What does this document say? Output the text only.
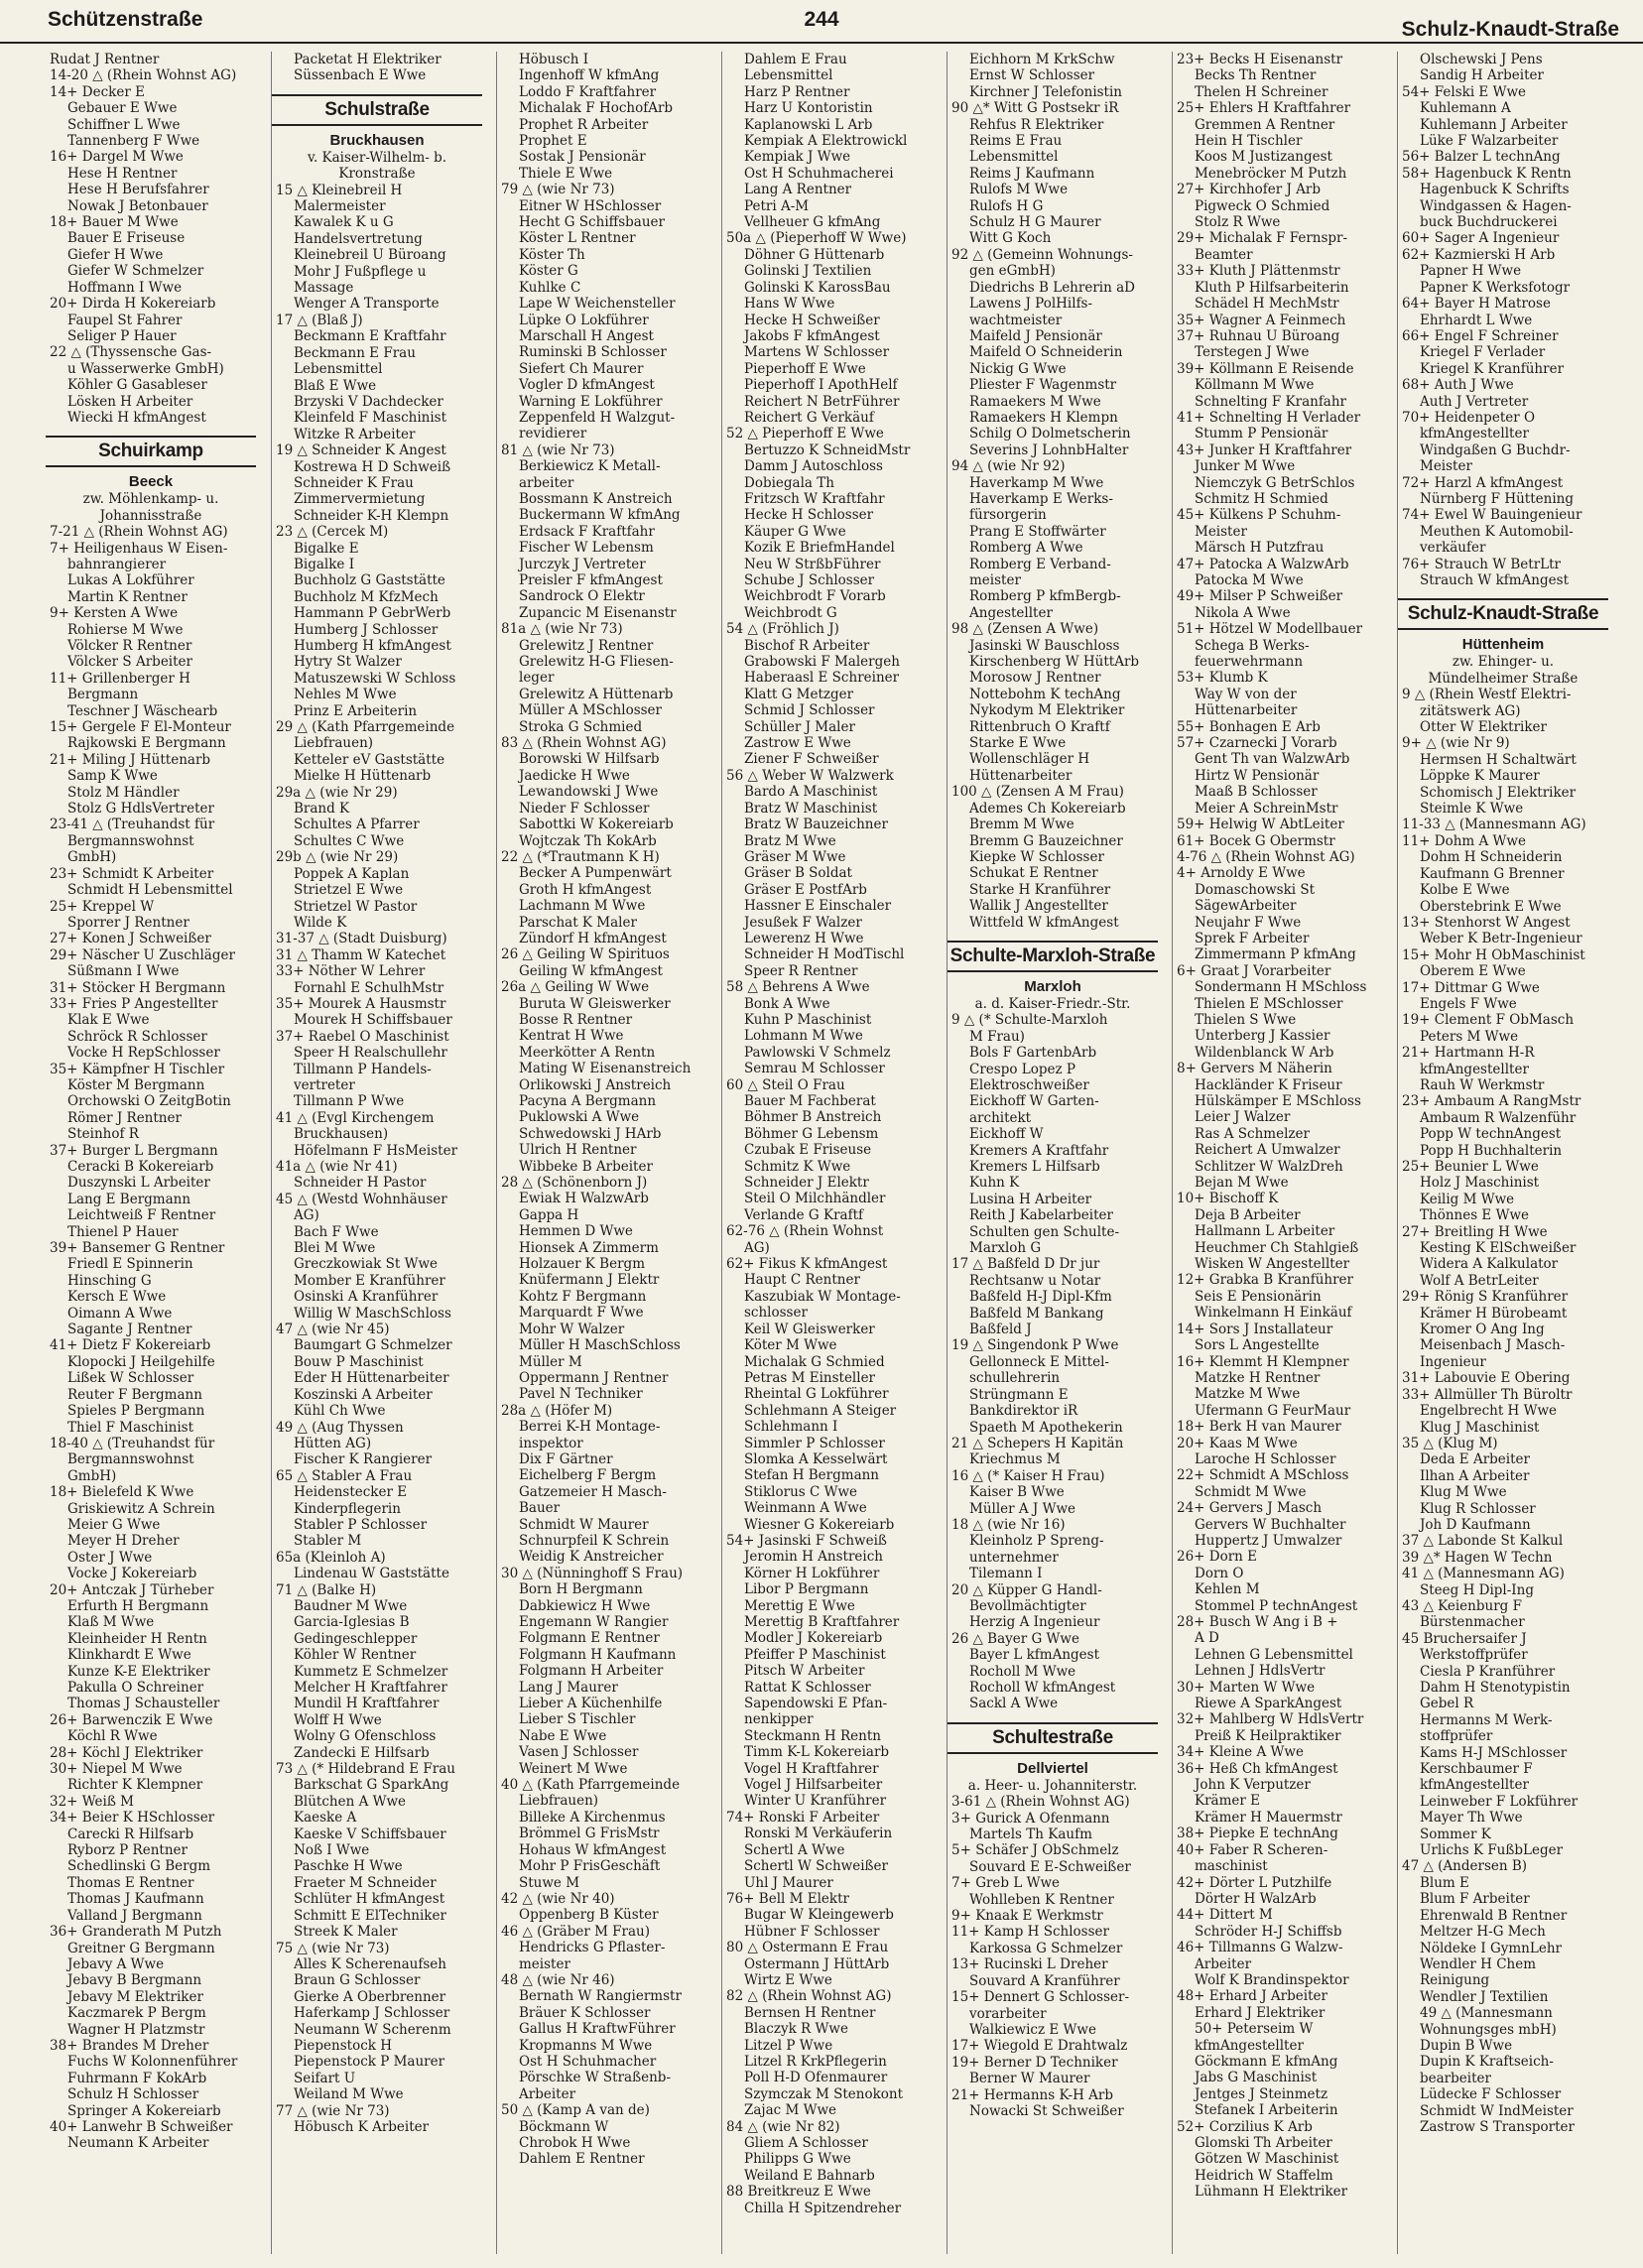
Schützenstraße	244	Schulz-Knaudt-Straße
Rudat J Rentner
14-20 △ (Rhein Wohnst AG)
14+ Decker E
Gebauer E Wwe
Schiffner L Wwe
Tannenberg F Wwe
16+ Dargel M Wwe
Hese H Rentner
Hese H Berufsfahrer
Nowak J Betonbauer
18+ Bauer M Wwe
Bauer E Friseuse
Giefer H Wwe
Giefer W Schmelzer
Hoffmann I Wwe
20+ Dirda H Kokereiarb
Faupel St Fahrer
Seliger P Hauer
22 △ (Thyssensche Gas-
u Wasserwerke GmbH)
Köhler G Gasableser
Lösken H Arbeiter
Wiecki H kfmAngest
Schuirkamp
Beeck
zw. Möhlenkamp- u.
Johannisstraße
7-21 △ (Rhein Wohnst AG)
7+ Heiligenhaus W Eisen-
bahnrangierer
Lukas A Lokführer
Martin K Rentner
9+ Kersten A Wwe
Rohierse M Wwe
Völcker R Rentner
Völcker S Arbeiter
11+ Grillenberger H
Bergmann
Teschner J Wäschearb
15+ Gergele F El-Monteur
Rajkowski E Bergmann
21+ Miling J Hüttenarb
Samp K Wwe
Stolz M Händler
Stolz G HdlsVertreter
23-41 △ (Treuhandst für
Bergmannswohnst
GmbH)
23+ Schmidt K Arbeiter
Schmidt H Lebensmittel
25+ Kreppel W
Sporrer J Rentner
27+ Konen J Schweißer
29+ Näscher U Zuschläger
Süßmann I Wwe
31+ Stöcker H Bergmann
33+ Fries P Angestellter
Klak E Wwe
Schröck R Schlosser
Vocke H RepSchlosser
35+ Kämpfner H Tischler
Köster M Bergmann
Orchowski O ZeitgBotin
Römer J Rentner
Steinhof R
37+ Burger L Bergmann
Ceracki B Kokereiarb
Duszynski L Arbeiter
Lang E Bergmann
Leichtweiß F Rentner
Thienel P Hauer
39+ Bansemer G Rentner
Friedl E Spinnerin
Hinsching G
Kersch E Wwe
Oimann A Wwe
Sagante J Rentner
41+ Dietz F Kokereiarb
Klopocki J Heilgehilfe
Lißek W Schlosser
Reuter F Bergmann
Spieles P Bergmann
Thiel F Maschinist
18-40 △ (Treuhandst für
Bergmannswohnst
GmbH)
18+ Bielefeld K Wwe
Griskiewitz A Schrein
Meier G Wwe
Meyer H Dreher
Oster J Wwe
Vocke J Kokereiarb
20+ Antczak J Türheber
Erfurth H Bergmann
Klaß M Wwe
Kleinheider H Rentn
Klinkhardt E Wwe
Kunze K-E Elektriker
Pakulla O Schreiner
Thomas J Schausteller
26+ Barwenczik E Wwe
Köchl R Wwe
28+ Köchl J Elektriker
30+ Niepel M Wwe
Richter K Klempner
32+ Weiß M
34+ Beier K HSchlosser
Carecki R Hilfsarb
Ryborz P Rentner
Schedlinski G Bergm
Thomas E Rentner
Thomas J Kaufmann
Valland J Bergmann
36+ Granderath M Putzh
Greitner G Bergmann
Jebavy A Wwe
Jebavy B Bergmann
Jebavy M Elektriker
Kaczmarek P Bergm
Wagner H Platzmstr
38+ Brandes M Dreher
Fuchs W Kolonnenführer
Fuhrmann F KokArb
Schulz H Schlosser
Springer A Kokereiarb
40+ Lanwehr B Schweißer
Neumann K Arbeiter
Packetat H Elektriker
Süssenbach E Wwe
Schulstraße
Bruckhausen
v. Kaiser-Wilhelm- b.
Kronstraße
15 △ Kleinebreil H
Malermeister
Kawalek K u G
Handelsvertretung
Kleinebreil U Büroang
Mohr J Fußpflege u
Massage
Wenger A Transporte
17 △ (Blaß J)
Beckmann E Kraftfahr
Beckmann E Frau
Lebensmittel
Blaß E Wwe
Brzyski V Dachdecker
Kleinfeld F Maschinist
Witzke R Arbeiter
19 △ Schneider K Angest
Kostrewa H D Schweiß
Schneider K Frau
Zimmervermietung
Schneider K-H Klempn
23 △ (Cercek M)
Bigalke E
Bigalke I
Buchholz G Gaststätte
Buchholz M KfzMech
Hammann P GebrWerb
Humberg J Schlosser
Humberg H kfmAngest
Hytry St Walzer
Matuszewski W Schloss
Nehles M Wwe
Prinz E Arbeiterin
29 △ (Kath Pfarrgemeinde
Liebfrauen)
Ketteler eV Gaststätte
Mielke H Hüttenarb
29a △ (wie Nr 29)
Brand K
Schultes A Pfarrer
Schultes C Wwe
29b △ (wie Nr 29)
Poppek A Kaplan
Strietzel E Wwe
Strietzel W Pastor
Wilde K
31-37 △ (Stadt Duisburg)
31 △ Thamm W Katechet
33+ Nöther W Lehrer
Fornahl E SchulhMstr
35+ Mourek A Hausmstr
Mourek H Schiffsbauer
37+ Raebel O Maschinist
Speer H Realschullehr
Tillmann P Handels-
vertreter
Tillmann P Wwe
41 △ (Evgl Kirchengem
Bruckhausen)
Höfelmann F HsMeister
41a △ (wie Nr 41)
Schneider H Pastor
45 △ (Westd Wohnhäuser
AG)
Bach F Wwe
Blei M Wwe
Greczkowiak St Wwe
Momber E Kranführer
Osinski A Kranführer
Willig W MaschSchloss
47 △ (wie Nr 45)
Baumgart G Schmelzer
Bouw P Maschinist
Eder H Hüttenarbeiter
Koszinski A Arbeiter
Kühl Ch Wwe
49 △ (Aug Thyssen
Hütten AG)
Fischer K Rangierer
65 △ Stabler A Frau
Heidenstecker E
Kinderpflegerin
Stabler P Schlosser
Stabler M
65a (Kleinloh A)
Lindenau W Gaststätte
71 △ (Balke H)
Baudner M Wwe
Garcia-Iglesias B
Gedingeschlepper
Köhler W Rentner
Kummetz E Schmelzer
Melcher H Kraftfahrer
Mundil H Kraftfahrer
Wolff H Wwe
Wolny G Ofenschloss
Zandecki E Hilfsarb
73 △ (* Hildebrand E Frau
Barkschat G SparkAng
Blütchen A Wwe
Kaeske A
Kaeske V Schiffsbauer
Noß I Wwe
Paschke H Wwe
Fraeter M Schneider
Schlüter H kfmAngest
Schmitt E ElTechniker
Streek K Maler
75 △ (wie Nr 73)
Alles K Scherenaufseh
Braun G Schlosser
Gierke A Oberbrenner
Haferkamp J Schlosser
Neumann W Scherenm
Piepenstock H
Piepenstock P Maurer
Seifart U
Weiland M Wwe
77 △ (wie Nr 73)
Höbusch K Arbeiter
Höbusch I
Ingenhoff W kfmAng
Loddo F Kraftfahrer
Michalak F HochofArb
Prophet R Arbeiter
Prophet E
Sostak J Pensionär
Thiele E Wwe
79 △ (wie Nr 73)
Eitner W HSchlosser
Hecht G Schiffsbauer
Köster L Rentner
Köster Th
Köster G
Kuhlke C
Lape W Weichensteller
Lüpke O Lokführer
Marschall H Angest
Ruminski B Schlosser
Siefert Ch Maurer
Vogler D kfmAngest
Warning E Lokführer
Zeppenfeld H Walzgut-
revidierer
81 △ (wie Nr 73)
Berkiewicz K Metall-
arbeiter
Bossmann K Anstreich
Buckermann W kfmAng
Erdsack F Kraftfahr
Fischer W Lebensm
Jurczyk J Vertreter
Preisler F kfmAngest
Sandrock O Elektr
Zupancic M Eisenanstr
81a △ (wie Nr 73)
Grelewitz J Rentner
Grelewitz H-G Fliesen-
leger
Grelewitz A Hüttenarb
Müller A MSchlosser
Stroka G Schmied
83 △ (Rhein Wohnst AG)
Borowski W Hilfsarb
Jaedicke H Wwe
Lewandowski J Wwe
Nieder F Schlosser
Sabottki W Kokereiarb
Wojtczak Th KokArb
22 △ (*Trautmann K H)
Becker A Pumpenwärt
Groth H kfmAngest
Lachmann M Wwe
Parschat K Maler
Zündorf H kfmAngest
26 △ Geiling W Spirituos
Geiling W kfmAngest
26a △ Geiling W Wwe
Buruta W Gleiswerker
Bosse R Rentner
Kentrat H Wwe
Meerkötter A Rentn
Mating W Eisenanstreich
Orlikowski J Anstreich
Pacyna A Bergmann
Puklowski A Wwe
Schwedowski J HArb
Ulrich H Rentner
Wibbeke B Arbeiter
28 △ (Schönenborn J)
Ewiak H WalzwArb
Gappa H
Hemmen D Wwe
Hionsek A Zimmerm
Holzauer K Bergm
Knüfermann J Elektr
Kohtz F Bergmann
Marquardt F Wwe
Mohr W Walzer
Müller H MaschSchloss
Müller M
Oppermann J Rentner
Pavel N Techniker
28a △ (Höfer M)
Berrei K-H Montage-
inspektor
Dix F Gärtner
Eichelberg F Bergm
Gatzemeier H Masch-
Bauer
Schmidt W Maurer
Schnurpfeil K Schrein
Weidig K Anstreicher
30 △ (Nünninghoff S Frau)
Born H Bergmann
Dabkiewicz H Wwe
Engemann W Rangier
Folgmann E Rentner
Folgmann H Kaufmann
Folgmann H Arbeiter
Lang J Maurer
Lieber A Küchenhilfe
Lieber S Tischler
Nabe E Wwe
Vasen J Schlosser
Weinert M Wwe
40 △ (Kath Pfarrgemeinde
Liebfrauen)
Billeke A Kirchenmus
Brömmel G FrisMstr
Hohaus W kfmAngest
Mohr P FrisGeschäft
Stuwe M
42 △ (wie Nr 40)
Oppenberg B Küster
46 △ (Gräber M Frau)
Hendricks G Pflaster-
meister
48 △ (wie Nr 46)
Bernath W Rangiermstr
Bräuer K Schlosser
Gallus H KraftwFührer
Kropmanns M Wwe
Ost H Schuhmacher
Pörschke W Straßenb-
Arbeiter
50 △ (Kamp A van de)
Böckmann W
Chrobok H Wwe
Dahlem E Rentner
Dahlem E Frau
Lebensmittel
Harz P Rentner
Harz U Kontoristin
Kaplanowski L Arb
Kempiak A Elektrowickl
Kempiak J Wwe
Ost H Schuhmacherei
Lang A Rentner
Petri A-M
Vellheuer G kfmAng
50a △ (Pieperhoff W Wwe)
Döhner G Hüttenarb
Golinski J Textilien
Golinski K KarossBau
Hans W Wwe
Hecke H Schweißer
Jakobs F kfmAngest
Martens W Schlosser
Pieperhoff E Wwe
Pieperhoff I ApothHelf
Reichert N BetrFührer
Reichert G Verkäuf
52 △ Pieperhoff E Wwe
Bertuzzo K SchneidMstr
Damm J Autoschloss
Dobiegala Th
Fritzsch W Kraftfahr
Hecke H Schlosser
Käuper G Wwe
Kozik E BriefmHandel
Neu W StrßbFührer
Schube J Schlosser
Weichbrodt F Vorarb
Weichbrodt G
54 △ (Fröhlich J)
Bischof R Arbeiter
Grabowski F Malergeh
Haberaasl E Schreiner
Klatt G Metzger
Schmid J Schlosser
Schüller J Maler
Zastrow E Wwe
Ziener F Schweißer
56 △ Weber W Walzwerk
Bardo A Maschinist
Bratz W Maschinist
Bratz W Bauzeichner
Bratz M Wwe
Gräser M Wwe
Gräser B Soldat
Gräser E PostfArb
Hassner E Einschaler
Jesußek F Walzer
Lewerenz H Wwe
Schneider H ModTischl
Speer R Rentner
58 △ Behrens A Wwe
Bonk A Wwe
Kuhn P Maschinist
Lohmann M Wwe
Pawlowski V Schmelz
Semrau M Schlosser
60 △ Steil O Frau
Bauer M Fachberat
Böhmer B Anstreich
Böhmer G Lebensm
Czubak E Friseuse
Schmitz K Wwe
Schneider J Elektr
Steil O Milchhändler
Verlande G Kraftf
62-76 △ (Rhein Wohnst
AG)
62+ Fikus K kfmAngest
Haupt C Rentner
Kaszubiak W Montage-
schlosser
Keil W Gleiswerker
Köter M Wwe
Michalak G Schmied
Petras M Einsteller
Rheintal G Lokführer
Schlehmann A Steiger
Schlehmann I
Simmler P Schlosser
Slomka A Kesselwärt
Stefan H Bergmann
Stiklorus C Wwe
Weinmann A Wwe
Wiesner G Kokereiarb
54+ Jasinski F Schweiß
Jeromin H Anstreich
Körner H Lokführer
Libor P Bergmann
Merettig E Wwe
Merettig B Kraftfahrer
Modler J Kokereiarb
Pfeiffer P Maschinist
Pitsch W Arbeiter
Rattat K Schlosser
Sapendowski E Pfan-
nenkipper
Steckmann H Rentn
Timm K-L Kokereiarb
Vogel H Kraftfahrer
Vogel J Hilfsarbeiter
Winter U Kranführer
74+ Ronski F Arbeiter
Ronski M Verkäuferin
Schertl A Wwe
Schertl W Schweißer
Uhl J Maurer
76+ Bell M Elektr
Bugar W Kleingewerb
Hübner F Schlosser
80 △ Ostermann E Frau
Ostermann J HüttArb
Wirtz E Wwe
82 △ (Rhein Wohnst AG)
Bernsen H Rentner
Blaczyk R Wwe
Litzel P Wwe
Litzel R KrkPflegerin
Poll H-D Ofenmaurer
Szymczak M Stenokont
Zajac M Wwe
84 △ (wie Nr 82)
Gliem A Schlosser
Philipps G Wwe
Weiland E Bahnarb
88 Breitkreuz E Wwe
Chilla H Spitzendreher
Eichhorn M KrkSchw
Ernst W Schlosser
Kirchner J Telefonistin
90 △* Witt G Postsekr iR
Rehfus R Elektriker
Reims E Frau
Lebensmittel
Reims J Kaufmann
Rulofs M Wwe
Rulofs H G
Schulz H G Maurer
Witt G Koch
92 △ (Gemeinn Wohnungs-
gen eGmbH)
Diedrichs B Lehrerin aD
Lawens J PolHilfs-
wachtmeister
Maifeld J Pensionär
Maifeld O Schneiderin
Nickig G Wwe
Pliester F Wagenmstr
Ramaekers M Wwe
Ramaekers H Klempn
Schilg O Dolmetscherin
Severins J LohnbHalter
94 △ (wie Nr 92)
Haverkamp M Wwe
Haverkamp E Werks-
fürsorgerin
Prang E Stoffwärter
Romberg A Wwe
Romberg E Verband-
meister
Romberg P kfmBergb-
Angestellter
98 △ (Zensen A Wwe)
Jasinski W Bauschloss
Kirschenberg W HüttArb
Morosow J Rentner
Nottebohm K techAng
Nykodym M Elektriker
Rittenbruch O Kraftf
Starke E Wwe
Wollenschläger H
Hüttenarbeiter
100 △ (Zensen A M Frau)
Ademes Ch Kokereiarb
Bremm M Wwe
Bremm G Bauzeichner
Kiepke W Schlosser
Schukat E Rentner
Starke H Kranführer
Wallik J Angestellter
Wittfeld W kfmAngest
Schulte-Marxloh-Straße
Marxloh
a. d. Kaiser-Friedr.-Str.
9 △ (* Schulte-Marxloh
M Frau)
Bols F GartenbArb
Crespo Lopez P
Elektroschweißer
Eickhoff W Garten-
architekt
Eickhoff W
Kremers A Kraftfahr
Kremers L Hilfsarb
Kuhn K
Lusina H Arbeiter
Reith J Kabelarbeiter
Schulten gen Schulte-
Marxloh G
17 △ Baßfeld D Dr jur
Rechtsanw u Notar
Baßfeld H-J Dipl-Kfm
Baßfeld M Bankang
Baßfeld J
19 △ Singendonk P Wwe
Gellonneck E Mittel-
schullehrerin
Strüngmann E
Bankdirektor iR
Spaeth M Apothekerin
21 △ Schepers H Kapitän
Kriechmus M
16 △ (* Kaiser H Frau)
Kaiser B Wwe
Müller A J Wwe
18 △ (wie Nr 16)
Kleinholz P Spreng-
unternehmer
Tilemann I
20 △ Küpper G Handl-
Bevollmächtigter
Herzig A Ingenieur
26 △ Bayer G Wwe
Bayer L kfmAngest
Rocholl M Wwe
Rocholl W kfmAngest
Sackl A Wwe
Schultestraße
Dellviertel
a. Heer- u. Johanniterstr.
3-61 △ (Rhein Wohnst AG)
3+ Gurick A Ofenmann
Martels Th Kaufm
5+ Schäfer J ObSchmelz
Souvard E E-Schweißer
7+ Greb L Wwe
Wohlleben K Rentner
9+ Knaak E Werkmstr
11+ Kamp H Schlosser
Karkossa G Schmelzer
13+ Rucinski L Dreher
Souvard A Kranführer
15+ Dennert G Schlosser-
vorarbeiter
Walkiewicz E Wwe
17+ Wiegold E Drahtwalz
19+ Berner D Techniker
Berner W Maurer
21+ Hermanns K-H Arb
Nowacki St Schweißer
23+ Becks H Eisenanstr
Becks Th Rentner
Thelen H Schreiner
25+ Ehlers H Kraftfahrer
Gremmen A Rentner
Hein H Tischler
Koos M Justizangest
Menebröcker M Putzh
27+ Kirchhofer J Arb
Pigweck O Schmied
Stolz R Wwe
29+ Michalak F Fernspr-
Beamter
33+ Kluth J Plättenmstr
Kluth P Hilfsarbeiterin
Schädel H MechMstr
35+ Wagner A Feinmech
37+ Ruhnau U Büroang
Terstegen J Wwe
39+ Köllmann E Reisende
Köllmann M Wwe
Schnelting F Kranfahr
41+ Schnelting H Verlader
Stumm P Pensionär
43+ Junker H Kraftfahrer
Junker M Wwe
Niemczyk G BetrSchlos
Schmitz H Schmied
45+ Külkens P Schuhm-
Meister
Märsch H Putzfrau
47+ Patocka A WalzwArb
Patocka M Wwe
49+ Milser P Schweißer
Nikola A Wwe
51+ Hötzel W Modellbauer
Schega B Werks-
feuerwehrmann
53+ Klumb K
Way W von der
Hüttenarbeiter
55+ Bonhagen E Arb
57+ Czarnecki J Vorarb
Gent Th van WalzwArb
Hirtz W Pensionär
Maaß B Schlosser
Meier A SchreinMstr
59+ Helwig W AbtLeiter
61+ Bocek G Obermstr
4-76 △ (Rhein Wohnst AG)
4+ Arnoldy E Wwe
Domaschowski St
SägewArbeiter
Neujahr F Wwe
Sprek F Arbeiter
Zimmermann P kfmAng
6+ Graat J Vorarbeiter
Sondermann H MSchloss
Thielen E MSchlosser
Thielen S Wwe
Unterberg J Kassier
Wildenblanck W Arb
8+ Gervers M Näherin
Hackländer K Friseur
Hülskämper E MSchloss
Leier J Walzer
Ras A Schmelzer
Reichert A Umwalzer
Schlitzer W WalzDreh
Bejan M Wwe
10+ Bischoff K
Deja B Arbeiter
Hallmann L Arbeiter
Heuchmer Ch Stahlgieß
Wisken W Angestellter
12+ Grabka B Kranführer
Seis E Pensionärin
Winkelmann H Einkäuf
14+ Sors J Installateur
Sors L Angestellte
16+ Klemmt H Klempner
Matzke H Rentner
Matzke M Wwe
Ufermann G FeurMaur
18+ Berk H van Maurer
20+ Kaas M Wwe
Laroche H Schlosser
22+ Schmidt A MSchloss
Schmidt M Wwe
24+ Gervers J Masch
Gervers W Buchhalter
Huppertz J Umwalzer
26+ Dorn E
Dorn O
Kehlen M
Stommel P technAngest
28+ Busch W Ang i B +
A D
Lehnen G Lebensmittel
Lehnen J HdlsVertr
30+ Marten W Wwe
Riewe A SparkAngest
32+ Mahlberg W HdlsVertr
Preiß K Heilpraktiker
34+ Kleine A Wwe
36+ Heß Ch kfmAngest
John K Verputzer
Krämer E
Krämer H Mauermstr
38+ Piepke E technAng
40+ Faber R Scheren-
maschinist
42+ Dörter L Putzhilfe
Dörter H WalzArb
44+ Dittert M
Schröder H-J Schiffsb
46+ Tillmanns G Walzw-
Arbeiter
Wolf K Brandinspektor
48+ Erhard J Arbeiter
Erhard J Elektriker
50+ Peterseim W
kfmAngestellter
Göckmann E kfmAng
Jabs G Maschinist
Jentges J Steinmetz
Stefanek I Arbeiterin
52+ Corzilius K Arb
Glomski Th Arbeiter
Götzen W Maschinist
Heidrich W Staffelm
Lühmann H Elektriker
Olschewski J Pens
Sandig H Arbeiter
54+ Felski E Wwe
Kuhlemann A
Kuhlemann J Arbeiter
Lüke F Walzarbeiter
56+ Balzer L technAng
58+ Hagenbuck K Rentn
Hagenbuck K Schrifts
Windgassen & Hagen-
buck Buchdruckerei
60+ Sager A Ingenieur
62+ Kazmierski H Arb
Papner H Wwe
Papner K Werksfotogr
64+ Bayer H Matrose
Ehrhardt L Wwe
66+ Engel F Schreiner
Kriegel F Verlader
Kriegel K Kranführer
68+ Auth J Wwe
Auth J Vertreter
70+ Heidenpeter O
kfmAngestellter
Windgaßen G Buchdr-
Meister
72+ Harzl A kfmAngest
Nürnberg F Hüttening
74+ Ewel W Bauingenieur
Meuthen K Automobil-
verkäufer
76+ Strauch W BetrLtr
Strauch W kfmAngest
Schulz-Knaudt-Straße
Hüttenheim
zw. Ehinger- u.
Mündelheimer Straße
9 △ (Rhein Westf Elektri-
zitätswerk AG)
Otter W Elektriker
9+ △ (wie Nr 9)
Hermsen H Schaltwärt
Löppke K Maurer
Schomisch J Elektriker
Steimle K Wwe
11-33 △ (Mannesmann AG)
11+ Dohm A Wwe
Dohm H Schneiderin
Kaufmann G Brenner
Kolbe E Wwe
Oberstebrink E Wwe
13+ Stenhorst W Angest
Weber K Betr-Ingenieur
15+ Mohr H ObMaschinist
Oberem E Wwe
17+ Dittmar G Wwe
Engels F Wwe
19+ Clement F ObMasch
Peters M Wwe
21+ Hartmann H-R
kfmAngestellter
Rauh W Werkmstr
23+ Ambaum A RangMstr
Ambaum R Walzenführ
Popp W technAngest
Popp H Buchhalterin
25+ Beunier L Wwe
Holz J Maschinist
Keilig M Wwe
Thönnes E Wwe
27+ Breitling H Wwe
Kesting K ElSchweißer
Widera A Kalkulator
Wolf A BetrLeiter
29+ Rönig S Kranführer
Krämer H Bürobeamt
Kromer O Ang Ing
Meisenbach J Masch-
Ingenieur
31+ Labouvie E Obering
33+ Allmüller Th Büroltr
Engelbrecht H Wwe
Klug J Maschinist
35 △ (Klug M)
Deda E Arbeiter
Ilhan A Arbeiter
Klug M Wwe
Klug R Schlosser
Joh D Kaufmann
37 △ Labonde St Kalkul
39 △* Hagen W Techn
41 △ (Mannesmann AG)
Steeg H Dipl-Ing
43 △ Keienburg F
Bürstenmacher
45 Bruchersaifer J
Werkstoffprüfer
Ciesla P Kranführer
Dahm H Stenotypistin
Gebel R
Hermanns M Werk-
stoffprüfer
Kams H-J MSchlosser
Kerschbaumer F
kfmAngestellter
Leinweber F Lokführer
Mayer Th Wwe
Sommer K
Urlichs K FußbLeger
47 △ (Andersen B)
Blum E
Blum F Arbeiter
Ehrenwald B Rentner
Meltzer H-G Mech
Nöldeke I GymnLehr
Wendler H Chem
Reinigung
Wendler J Textilien
49 △ (Mannesmann
Wohnungsges mbH)
Dupin B Wwe
Dupin K Kraftseich-
bearbeiter
Lüdecke F Schlosser
Schmidt W IndMeister
Zastrow S Transporter
